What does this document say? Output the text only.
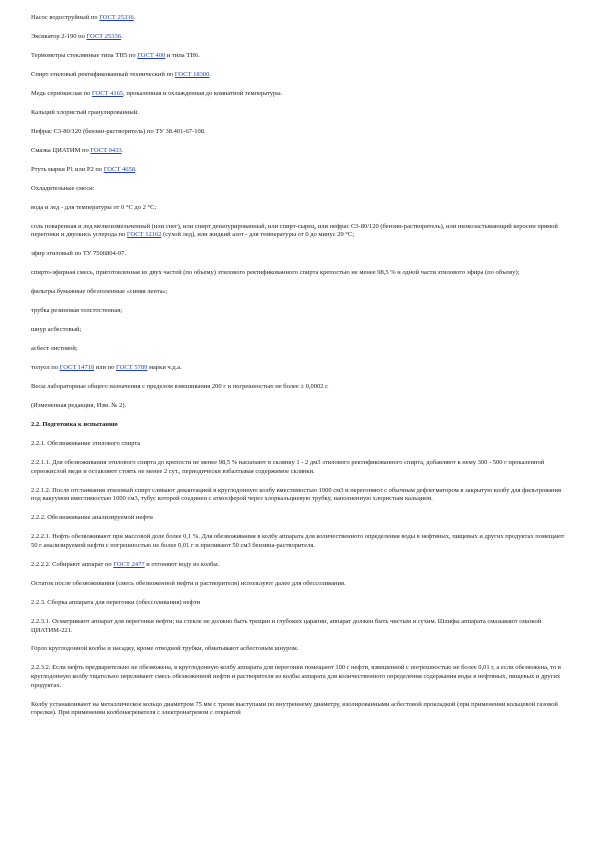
Насос водоструйный по ГОСТ 25336.

Эксикатор 2-190 по ГОСТ 25336.

Термометры стеклянные типа ТН5 по ГОСТ 400 и типа ТН6.

Спирт этиловый ректификованный технический по ГОСТ 18300.

Медь сернокислая по ГОСТ 4165, прокаленная и охлажденная до комнатной температуры.

Кальций хлористый гранулированный.

Нефрас С3-80/120 (бензин-растворитель) по ТУ 38.401-67-108.

Смазка ЦИАТИМ по ГОСТ 9433.

Ртуть марки Р1 или Р2 по ГОСТ 4658.

Охладительные смеси:

вода и лед - для температуры от 0 °С до 2 °С;

соль поваренная и лед мелкоизмельченный (или снег), или спирт денатурированный, или спирт-сырец, или нефрас С3-80/120 (бензин-растворитель), или низкозастывающий керосин прямой перегонки и двуокись углерода по ГОСТ 12162 (сухой лед), или жидкий азот - для температуры от 0 до минус 20 °С;

эфир этиловый по ТУ 7506804-97.

спирто-эфирная смесь, приготовленная из двух частей (по объему) этилового ректификованного спирта крепостью не менее 98,5 % и одной части этилового эфира (по объему);

фильтры бумажные обеззоленные «синяя лента»;

трубка резиновая толстостенная;

шнур асбестовый;

асбест листовой;

толуол по ГОСТ 14710 или по ГОСТ 5789 марки ч.д.а.

Весы лабораторные общего назначения с пределом взвешивания 200 г и погрешностью не более ± 0,0002 г.

(Измененная редакция, Изм. № 2).

2.2. Подготовка к испытанию

2.2.1. Обезвоживание этилового спирта

2.2.1.1. Для обезвоживания этилового спирта до крепости не менее 98,5 % насыпают в склянку 1 - 2 дм3 этилового ректификованного спирта, добавляют к нему 300 - 500 г прокаленной сернокислой меди и оставляют стоять не менее 2 сут., периодически взбалтывая содержимое склянки.

2.2.1.2. После отстаивания этиловый спирт сливают декантацией в круглодонную колбу вместимостью 1000 см3 и перегоняют с обычным дефлегматором в закрытую колбу для фильтрования под вакуумом вместимостью 1000 см3, тубус которой соединен с атмосферой через хлоркальциевую трубку, наполненную хлористым кальцием.

2.2.2. Обезвоживание анализируемой нефти

2.2.2.1. Нефть обезвоживают при массовой доле более 0,1 %. Для обезвоживания в колбу аппарата для количественного определения воды в нефтяных, пищевых и других продуктах помещают 50 г анализируемой нефти с погрешностью не более 0,01 г и приливают 50 см3 бензина-растворителя.

2.2.2.2. Собирают аппарат по ГОСТ 2477 и отгоняют воду из колбы.

Остаток после обезвоживания (смесь обезвоженной нефти и растворителя) используют далее для обессоливания.

2.2.3. Сборка аппарата для перегонки (обессоливания) нефти

2.2.3.1. Осматривают аппарат для перегонки нефти; на стекле не должно быть трещин и глубоких царапин, аппарат должен быть чистым и сухим. Шлифы аппарата смазывают смазкой ЦИАТИМ-221.

Горло круглодонной колбы и насадку, кроме отводной трубки, обматывают асбестовым шнуром.

2.2.3.2. Если нефть предварительно не обезвожена, в круглодонную колбу аппарата для перегонки помещают 100 г нефти, взвешенной с погрешностью не более 0,01 г, а если обезвожена, то в круглодонную колбу тщательно переливают смесь обезвоженной нефти и растворителя из колбы аппарата для количественного определения содержания воды в нефтяных, пищевых и других продуктах.

Колбу устанавливают на металлическое кольцо диаметром 75 мм с тремя выступами по внутреннему диаметру, изолированными асбестовой прокладкой (при применении кольцевой газовой горелки). При применении колбонагревателя с электронагревом с открытой
